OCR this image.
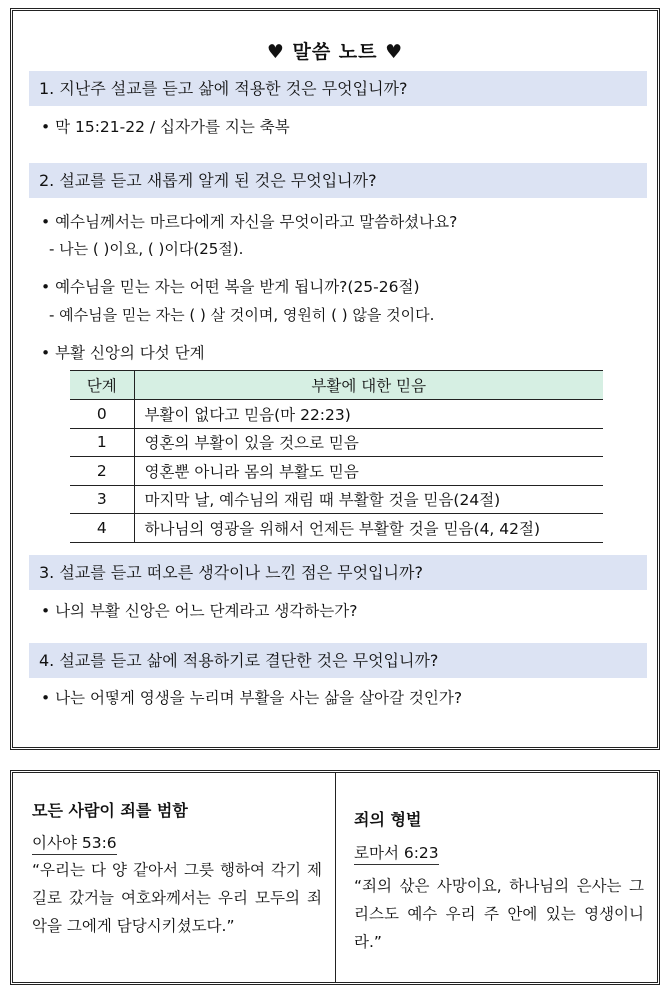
♥ 말씀 노트 ♥
1. 지난주 설교를 듣고 삶에 적용한 것은 무엇입니까?
• 막 15:21-22 / 십자가를 지는 축복
2. 설교를 듣고 새롭게 알게 된 것은 무엇입니까?
• 예수님께서는 마르다에게 자신을 무엇이라고 말씀하셨나요?
- 나는 ( )이요, ( )이다(25절).
• 예수님을 믿는 자는 어떤 복을 받게 됩니까?(25-26절)
- 예수님을 믿는 자는 ( ) 살 것이며, 영원히 ( ) 않을 것이다.
• 부활 신앙의 다섯 단계
단계	부활에 대한 믿음
0	부활이 없다고 믿음(마 22:23)
1	영혼의 부활이 있을 것으로 믿음
2	영혼뿐 아니라 몸의 부활도 믿음
3	마지막 날, 예수님의 재림 때 부활할 것을 믿음(24절)
4	하나님의 영광을 위해서 언제든 부활할 것을 믿음(4, 42절)
3. 설교를 듣고 떠오른 생각이나 느낀 점은 무엇입니까?
• 나의 부활 신앙은 어느 단계라고 생각하는가?
4. 설교를 듣고 삶에 적용하기로 결단한 것은 무엇입니까?
• 나는 어떻게 영생을 누리며 부활을 사는 삶을 살아갈 것인가?
모든 사람이 죄를 범함
이사야 53:6
“우리는 다 양 같아서 그릇 행하여 각기 제 길로 갔거늘 여호와께서는 우리 모두의 죄악을 그에게 담당시키셨도다.”
죄의 형벌
로마서 6:23
“죄의 삯은 사망이요, 하나님의 은사는 그리스도 예수 우리 주 안에 있는 영생이니라.”
